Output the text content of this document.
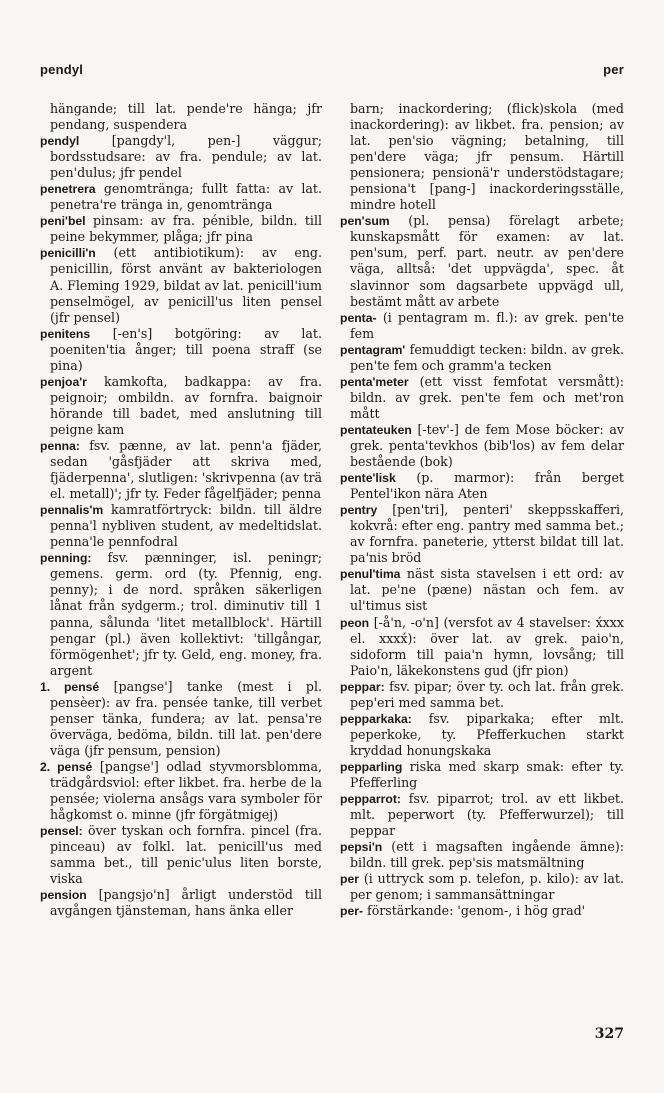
pendyl	per
hängande; till lat. pende're hänga; jfr pendang, suspendera
pendyl [pangdy'l, pen-] väggur; bordsstudsare: av fra. pendule; av lat. pen'dulus; jfr pendel
penetrera genomtränga; fullt fatta: av lat. penetra're tränga in, genomtränga
peni'bel pinsam: av fra. pénible, bildn. till peine bekymmer, plåga; jfr pina
penicilli'n (ett antibiotikum): av eng. penicillin, först använt av bakteriologen A. Fleming 1929, bildat av lat. penicill'ium penselmögel, av penicill'us liten pensel (jfr pensel)
penitens [-en's] botgöring: av lat. poeniten'tia ånger; till poena straff (se pina)
penjoa'r kamkofta, badkappa: av fra. peignoir; ombildn. av fornfra. baignoir hörande till badet, med anslutning till peigne kam
penna: fsv. pænne, av lat. penn'a fjäder, sedan 'gåsfjäder att skriva med, fjäderpenna', slutligen: 'skrivpenna (av trä el. metall)'; jfr ty. Feder fågelfjäder; penna
pennalis'm kamratförtryck: bildn. till äldre penna'l nybliven student, av medeltidslat. penna'le pennfodral
penning: fsv. pænninger, isl. peningr; gemens. germ. ord (ty. Pfennig, eng. penny); i de nord. språken säkerligen lånat från sydgerm.; trol. diminutiv till 1 panna, sålunda 'litet metallblock'. Härtill pengar (pl.) även kollektivt: 'tillgångar, förmögenhet'; jfr ty. Geld, eng. money, fra. argent
1. pensé [pangse'] tanke (mest i pl. pensèer): av fra. pensée tanke, till verbet penser tänka, fundera; av lat. pensa're överväga, bedöma, bildn. till lat. pen'dere väga (jfr pensum, pension)
2. pensé [pangse'] odlad styvmorsblomma, trädgårdsviol: efter likbet. fra. herbe de la pensée; violerna ansågs vara symboler för hågkomst o. minne (jfr förgätmigej)
pensel: över tyskan och fornfra. pincel (fra. pinceau) av folkl. lat. penicill'us med samma bet., till penic'ulus liten borste, viska
pension [pangsjo'n] årligt understöd till avgången tjänsteman, hans änka eller
barn; inackordering; (flick)skola (med inackordering): av likbet. fra. pension; av lat. pen'sio vägning; betalning, till pen'dere väga; jfr pensum. Härtill pensionera; pensionä'r understödstagare; pensiona't [pang-] inackorderingsställe, mindre hotell
pen'sum (pl. pensa) förelagt arbete; kunskapsmått för examen: av lat. pen'sum, perf. part. neutr. av pen'dere väga, alltså: 'det uppvägda', spec. åt slavinnor som dagsarbete uppvägd ull, bestämt mått av arbete
penta- (i pentagram m. fl.): av grek. pen'te fem
pentagram' femuddigt tecken: bildn. av grek. pen'te fem och gramm'a tecken
penta'meter (ett visst femfotat versmått): bildn. av grek. pen'te fem och met'ron mått
pentateuken [-tev'-] de fem Mose böcker: av grek. penta'tevkhos (bib'los) av fem delar bestående (bok)
pente'lisk (p. marmor): från berget Pentel'ikon nära Aten
pentry [pen'tri], penteri' skeppsskafferi, kokvrå: efter eng. pantry med samma bet.; av fornfra. paneterie, ytterst bildat till lat. pa'nis bröd
penul'tima näst sista stavelsen i ett ord: av lat. pe'ne (pæne) nästan och fem. av ul'timus sist
peon [-å'n, -o'n] (versfot av 4 stavelser: x́xxx el. xxxx́): över lat. av grek. paio'n, sidoform till paia'n hymn, lovsång; till Paio'n, läkekonstens gud (jfr pion)
peppar: fsv. pipar; över ty. och lat. från grek. pep'eri med samma bet.
pepparkaka: fsv. piparkaka; efter mlt. peperkoke, ty. Pfefferkuchen starkt kryddad honungskaka
pepparling riska med skarp smak: efter ty. Pfefferling
pepparrot: fsv. piparrot; trol. av ett likbet. mlt. peperwort (ty. Pfefferwurzel); till peppar
pepsi'n (ett i magsaften ingående ämne): bildn. till grek. pep'sis matsmältning
per (i uttryck som p. telefon, p. kilo): av lat. per genom; i sammansättningar
per- förstärkande: 'genom-, i hög grad'
327
